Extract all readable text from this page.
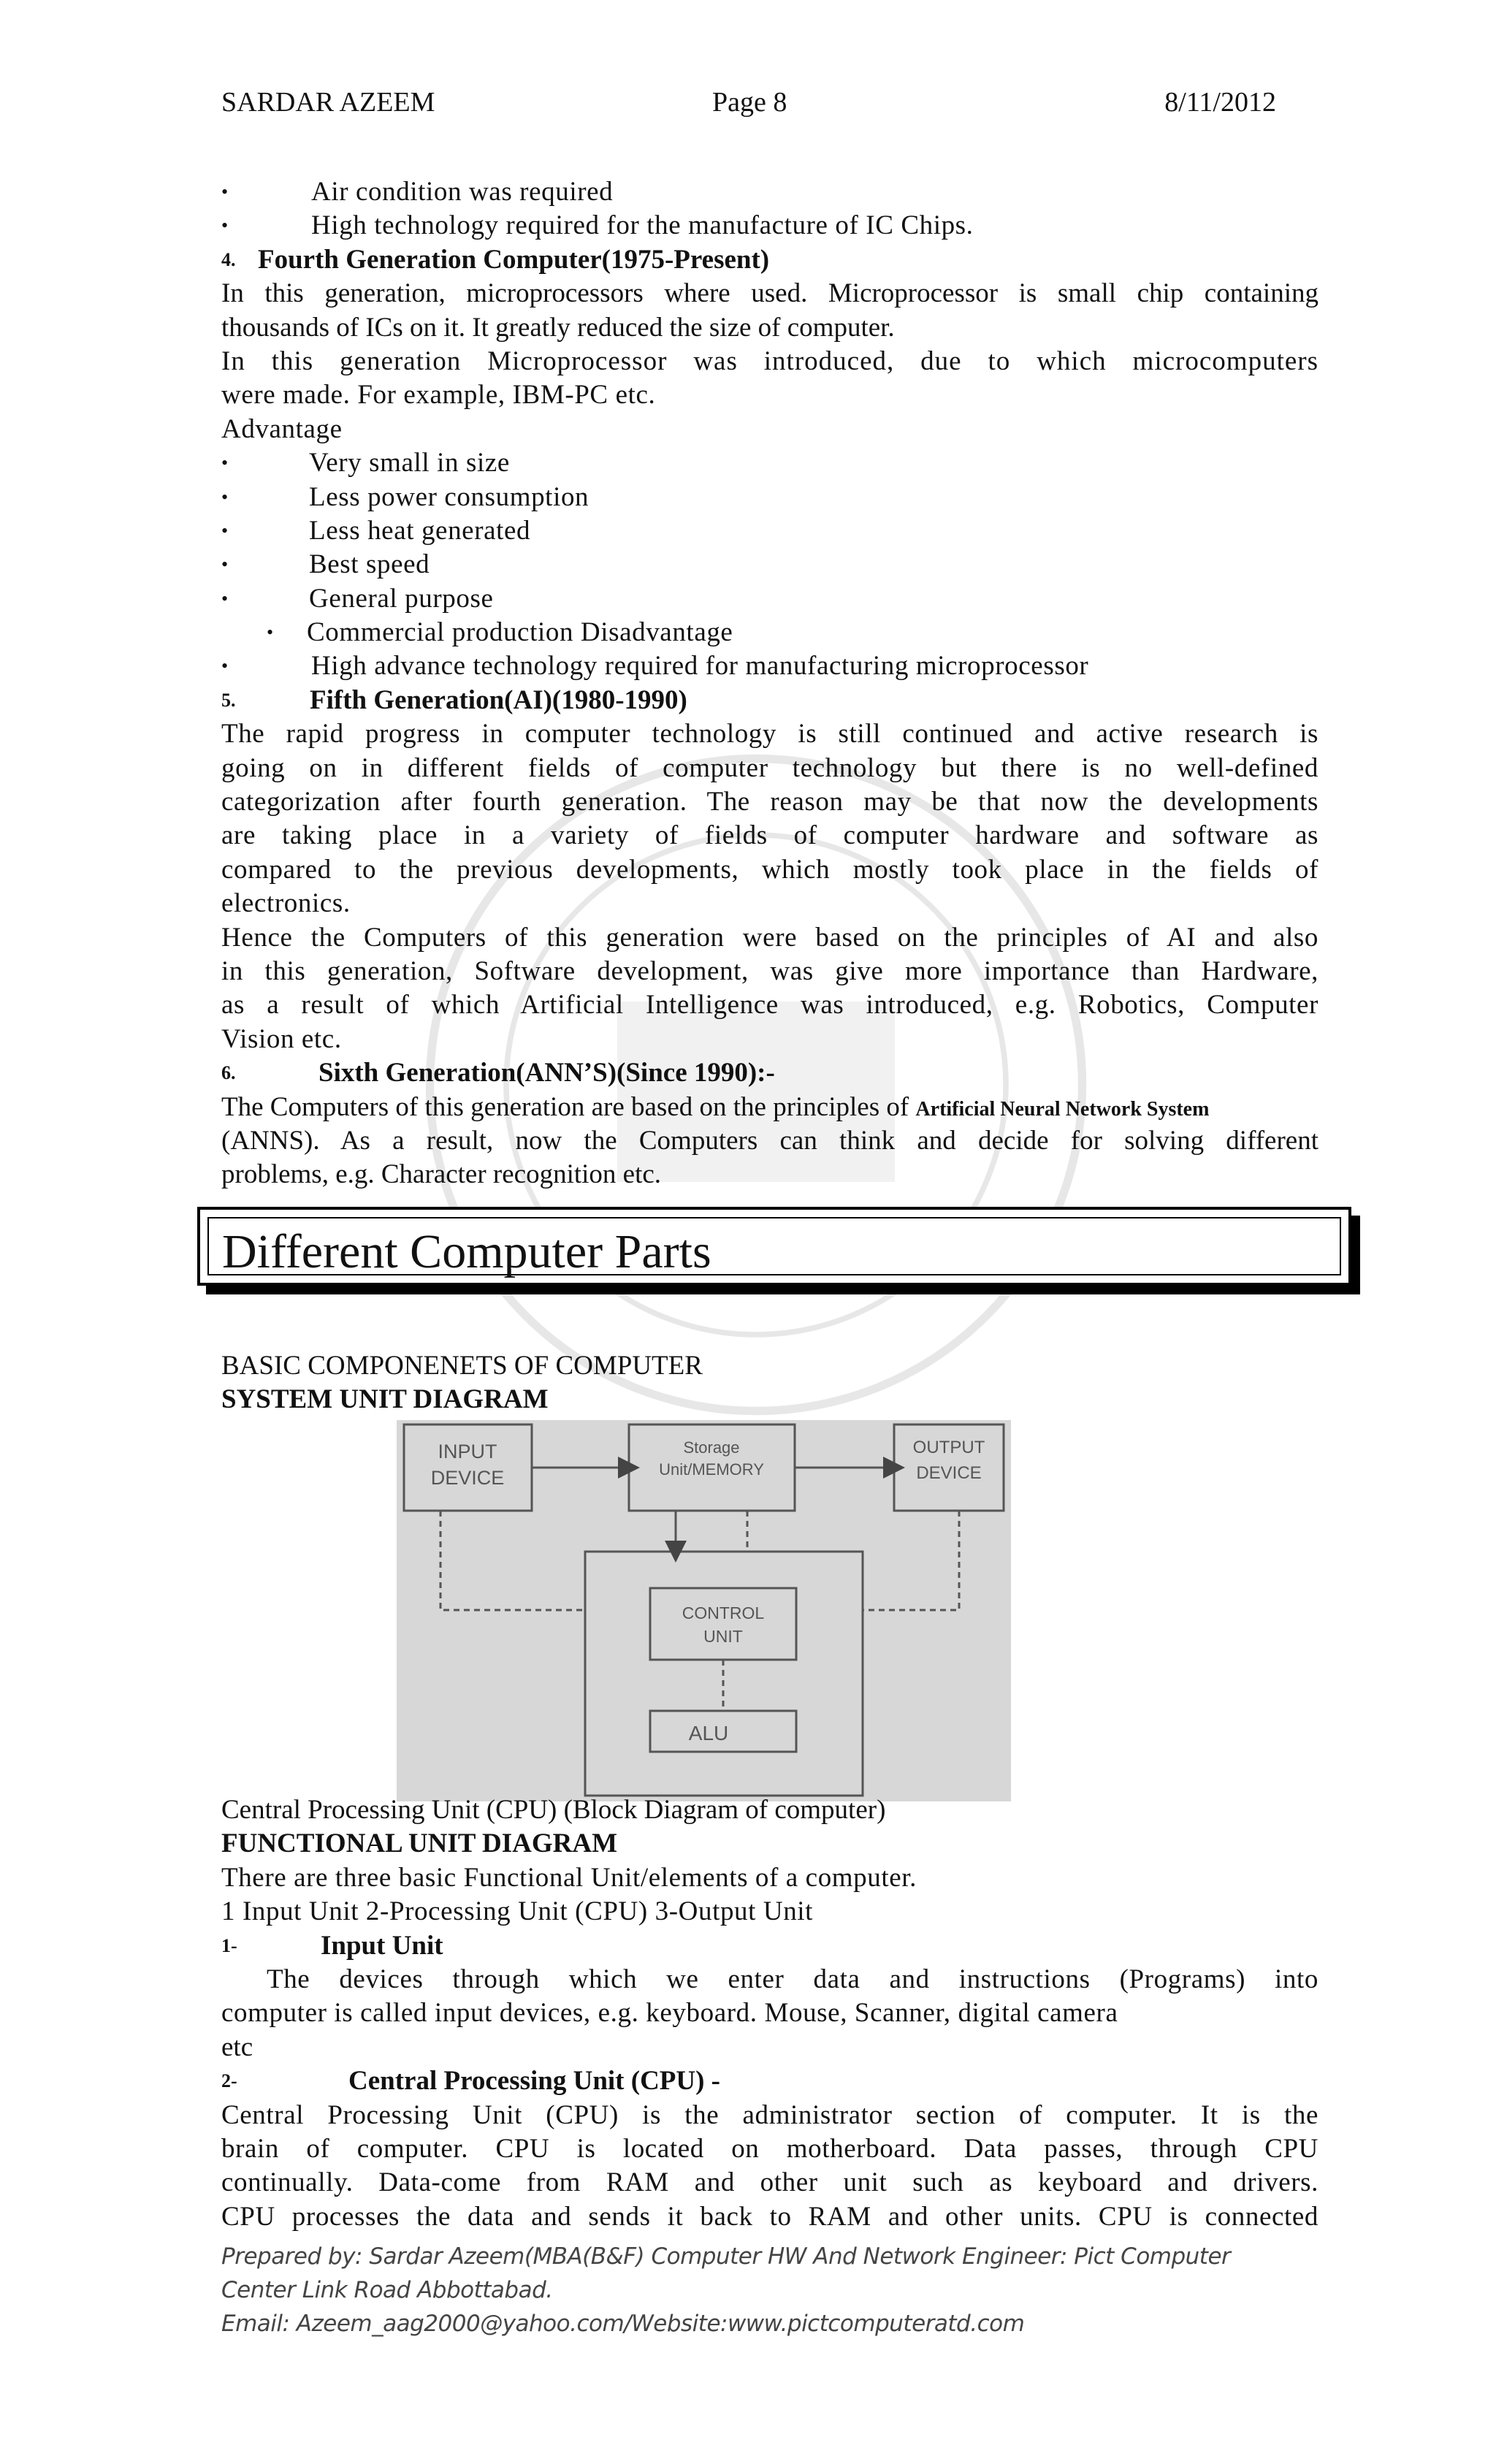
SARDAR AZEEM	Page 8	8/11/2012
•	Air condition was required
•	High technology required for the manufacture of IC Chips.
4. Fourth Generation Computer(1975-Present)
In this generation, microprocessors where used. Microprocessor is small chip containing
thousands of ICs on it. It greatly reduced the size of computer.
In this generation Microprocessor was introduced, due to which microcomputers
were made. For example, IBM-PC etc.
Advantage
•	Very small in size
•	Less power consumption
•	Less heat generated
•	Best speed
•	General purpose
• Commercial production Disadvantage
•	High advance technology required for manufacturing microprocessor
5.	Fifth Generation(AI)(1980-1990)
The rapid progress in computer technology is still continued and active research is
going on in different fields of computer technology but there is no well-defined
categorization after fourth generation. The reason may be that now the developments
are taking place in a variety of fields of computer hardware and software as
compared to the previous developments, which mostly took place in the fields of
electronics.
Hence the Computers of this generation were based on the principles of AI and also
in this generation, Software development, was give more importance than Hardware,
as a result of which Artificial Intelligence was introduced, e.g. Robotics, Computer
Vision etc.
6.	Sixth Generation(ANN’S)(Since 1990):-
The Computers of this generation are based on the principles of Artificial Neural Network System
(ANNS). As a result, now the Computers can think and decide for solving different
problems, e.g. Character recognition etc.
Different Computer Parts
BASIC COMPONENETS OF COMPUTER
SYSTEM UNIT DIAGRAM
INPUT
DEVICE
Storage
Unit/MEMORY
OUTPUT
DEVICE
CONTROL
UNIT
ALU
Central Processing Unit (CPU) (Block Diagram of computer)
FUNCTIONAL UNIT DIAGRAM
There are three basic Functional Unit/elements of a computer.
1 Input Unit 2-Processing Unit (CPU) 3-Output Unit
1-	Input Unit
The devices through which we enter data and instructions (Programs) into
computer is called input devices, e.g. keyboard. Mouse, Scanner, digital camera
etc
2-	Central Processing Unit (CPU) -
Central Processing Unit (CPU) is the administrator section of computer. It is the
brain of computer. CPU is located on motherboard. Data passes, through CPU
continually. Data-come from RAM and other unit such as keyboard and drivers.
CPU processes the data and sends it back to RAM and other units. CPU is connected
Prepared by: Sardar Azeem(MBA(B&F) Computer HW And Network Engineer: Pict Computer
Center Link Road Abbottabad.
Email: Azeem_aag2000@yahoo.com/Website:www.pictcomputeratd.com
